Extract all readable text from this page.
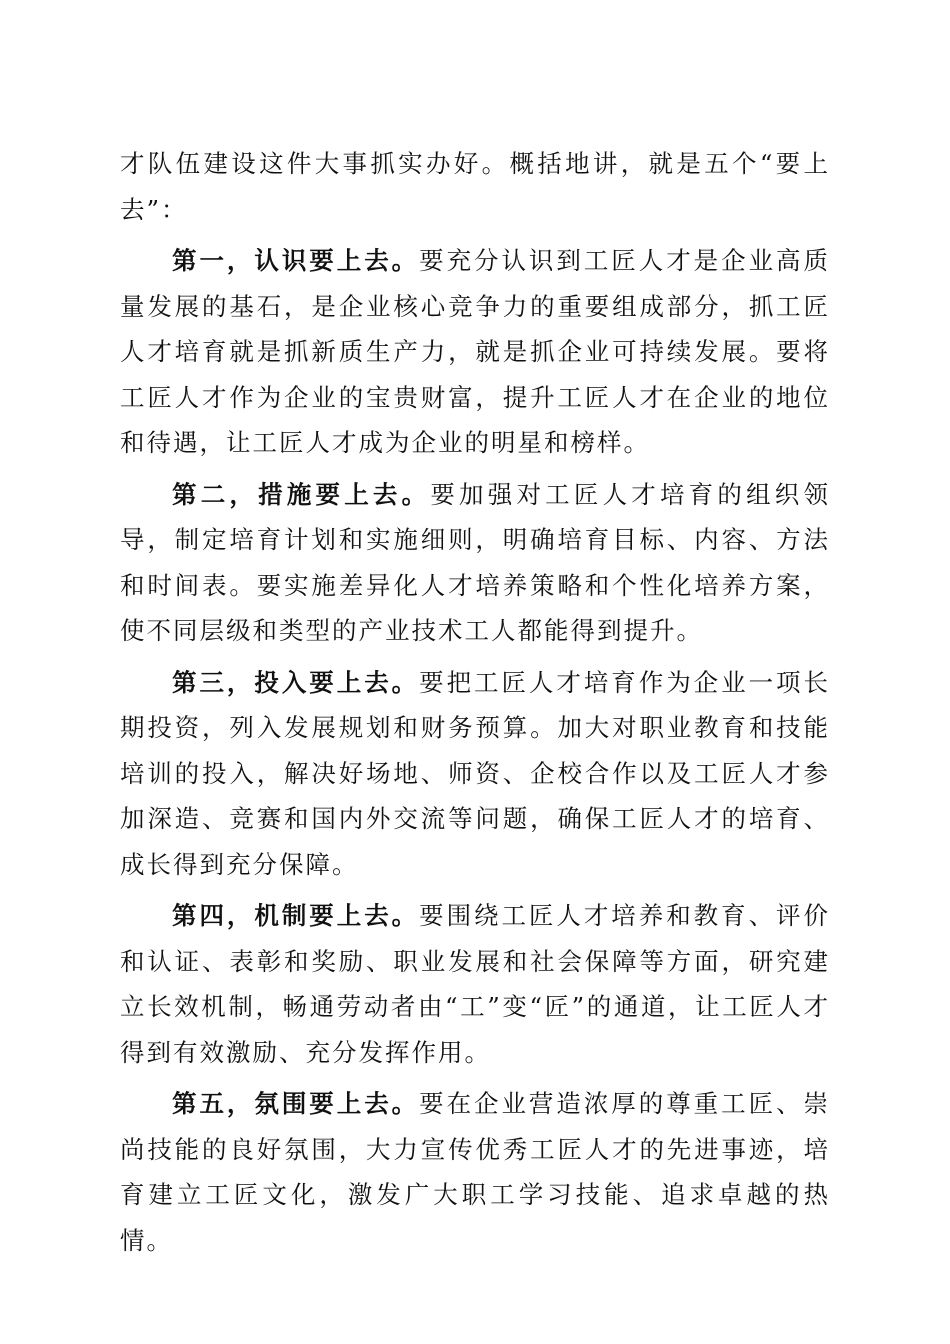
才队伍建设这件大事抓实办好。概括地讲，就是五个“要上去”：

第一，认识要上去。要充分认识到工匠人才是企业高质量发展的基石，是企业核心竞争力的重要组成部分，抓工匠人才培育就是抓新质生产力，就是抓企业可持续发展。要将工匠人才作为企业的宝贵财富，提升工匠人才在企业的地位和待遇，让工匠人才成为企业的明星和榜样。

第二，措施要上去。要加强对工匠人才培育的组织领导，制定培育计划和实施细则，明确培育目标、内容、方法和时间表。要实施差异化人才培养策略和个性化培养方案，使不同层级和类型的产业技术工人都能得到提升。

第三，投入要上去。要把工匠人才培育作为企业一项长期投资，列入发展规划和财务预算。加大对职业教育和技能培训的投入，解决好场地、师资、企校合作以及工匠人才参加深造、竞赛和国内外交流等问题，确保工匠人才的培育、成长得到充分保障。

第四，机制要上去。要围绕工匠人才培养和教育、评价和认证、表彰和奖励、职业发展和社会保障等方面，研究建立长效机制，畅通劳动者由“工”变“匠”的通道，让工匠人才得到有效激励、充分发挥作用。

第五，氛围要上去。要在企业营造浓厚的尊重工匠、崇尚技能的良好氛围，大力宣传优秀工匠人才的先进事迹，培育建立工匠文化，激发广大职工学习技能、追求卓越的热情。
